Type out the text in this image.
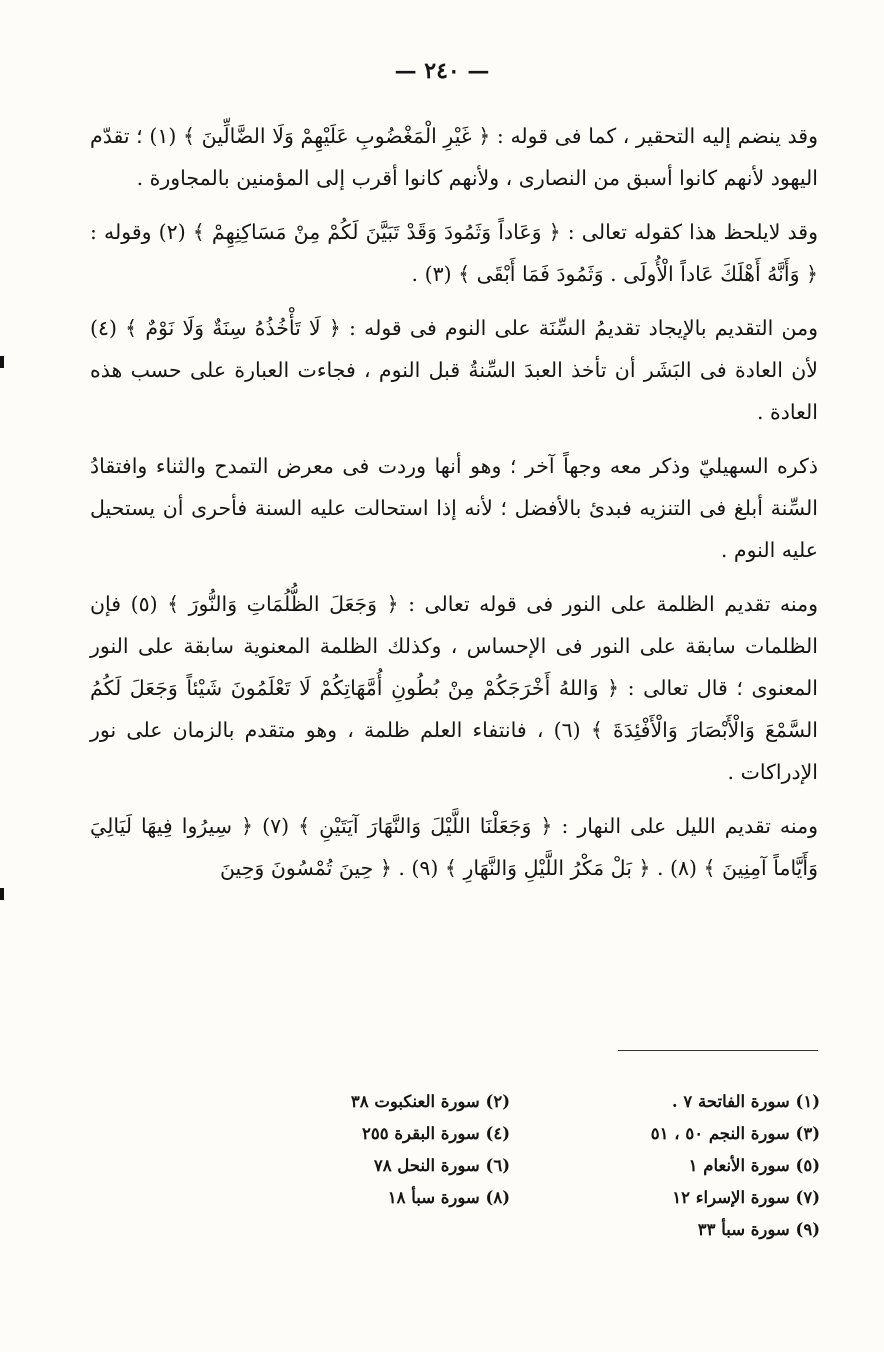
— ٢٤٠ —

وقد ينضم إليه التحقير ، كما فى قوله : ﴿ غَيْرِ الْمَغْضُوبِ عَلَيْهِمْ وَلَا الضَّالِّينَ ﴾ (١) ؛ تقدّم اليهود لأنهم كانوا أسبق من النصارى ، ولأنهم كانوا أقرب إلى المؤمنين بالمجاورة .

وقد لايلحظ هذا كقوله تعالى : ﴿ وَعَاداً وَثَمُودَ وَقَدْ تَبَيَّنَ لَكُمْ مِنْ مَسَاكِنِهِمْ ﴾ (٢) وقوله : ﴿ وَأَنَّهُ أَهْلَكَ عَاداً الْأُولَى . وَثَمُودَ فَمَا أَبْقَى ﴾ (٣) .

ومن التقديم بالإيجاد تقديمُ السِّنَة على النوم فى قوله : ﴿ لَا تَأْخُذُهُ سِنَةٌ وَلَا نَوْمٌ ﴾ (٤) لأن العادة فى البَشَر أن تأخذ العبدَ السِّنةُ قبل النوم ، فجاءت العبارة على حسب هذه العادة .

ذكره السهيليّ وذكر معه وجهاً آخر ؛ وهو أنها وردت فى معرض التمدح والثناء وافتقادُ السِّنة أبلغ فى التنزيه فبدئ بالأفضل ؛ لأنه إذا استحالت عليه السنة فأحرى أن يستحيل عليه النوم .

ومنه تقديم الظلمة على النور فى قوله تعالى : ﴿ وَجَعَلَ الظُّلُمَاتِ وَالنُّورَ ﴾ (٥) فإن الظلمات سابقة على النور فى الإحساس ، وكذلك الظلمة المعنوية سابقة على النور المعنوى ؛ قال تعالى : ﴿ وَاللهُ أَخْرَجَكُمْ مِنْ بُطُونِ أُمَّهَاتِكُمْ لَا تَعْلَمُونَ شَيْئاً وَجَعَلَ لَكُمُ السَّمْعَ وَالْأَبْصَارَ وَالْأَفْئِدَةَ ﴾ (٦) ، فانتفاء العلم ظلمة ، وهو متقدم بالزمان على نور الإدراكات .

ومنه تقديم الليل على النهار : ﴿ وَجَعَلْنَا اللَّيْلَ وَالنَّهَارَ آيَتَيْنِ ﴾ (٧) ﴿ سِيرُوا فِيهَا لَيَالِيَ وَأَيَّاماً آمِنِينَ ﴾ (٨) . ﴿ بَلْ مَكْرُ اللَّيْلِ وَالنَّهَارِ ﴾ (٩) . ﴿ حِينَ تُمْسُونَ وَحِينَ

(١) سورة الفاتحة ٧ .
(٣) سورة النجم ٥٠ ، ٥١
(٥) سورة الأنعام ١
(٧) سورة الإسراء ١٢
(٩) سورة سبأ ٣٣
(٢) سورة العنكبوت ٣٨
(٤) سورة البقرة ٢٥٥
(٦) سورة النحل ٧٨
(٨) سورة سبأ ١٨
